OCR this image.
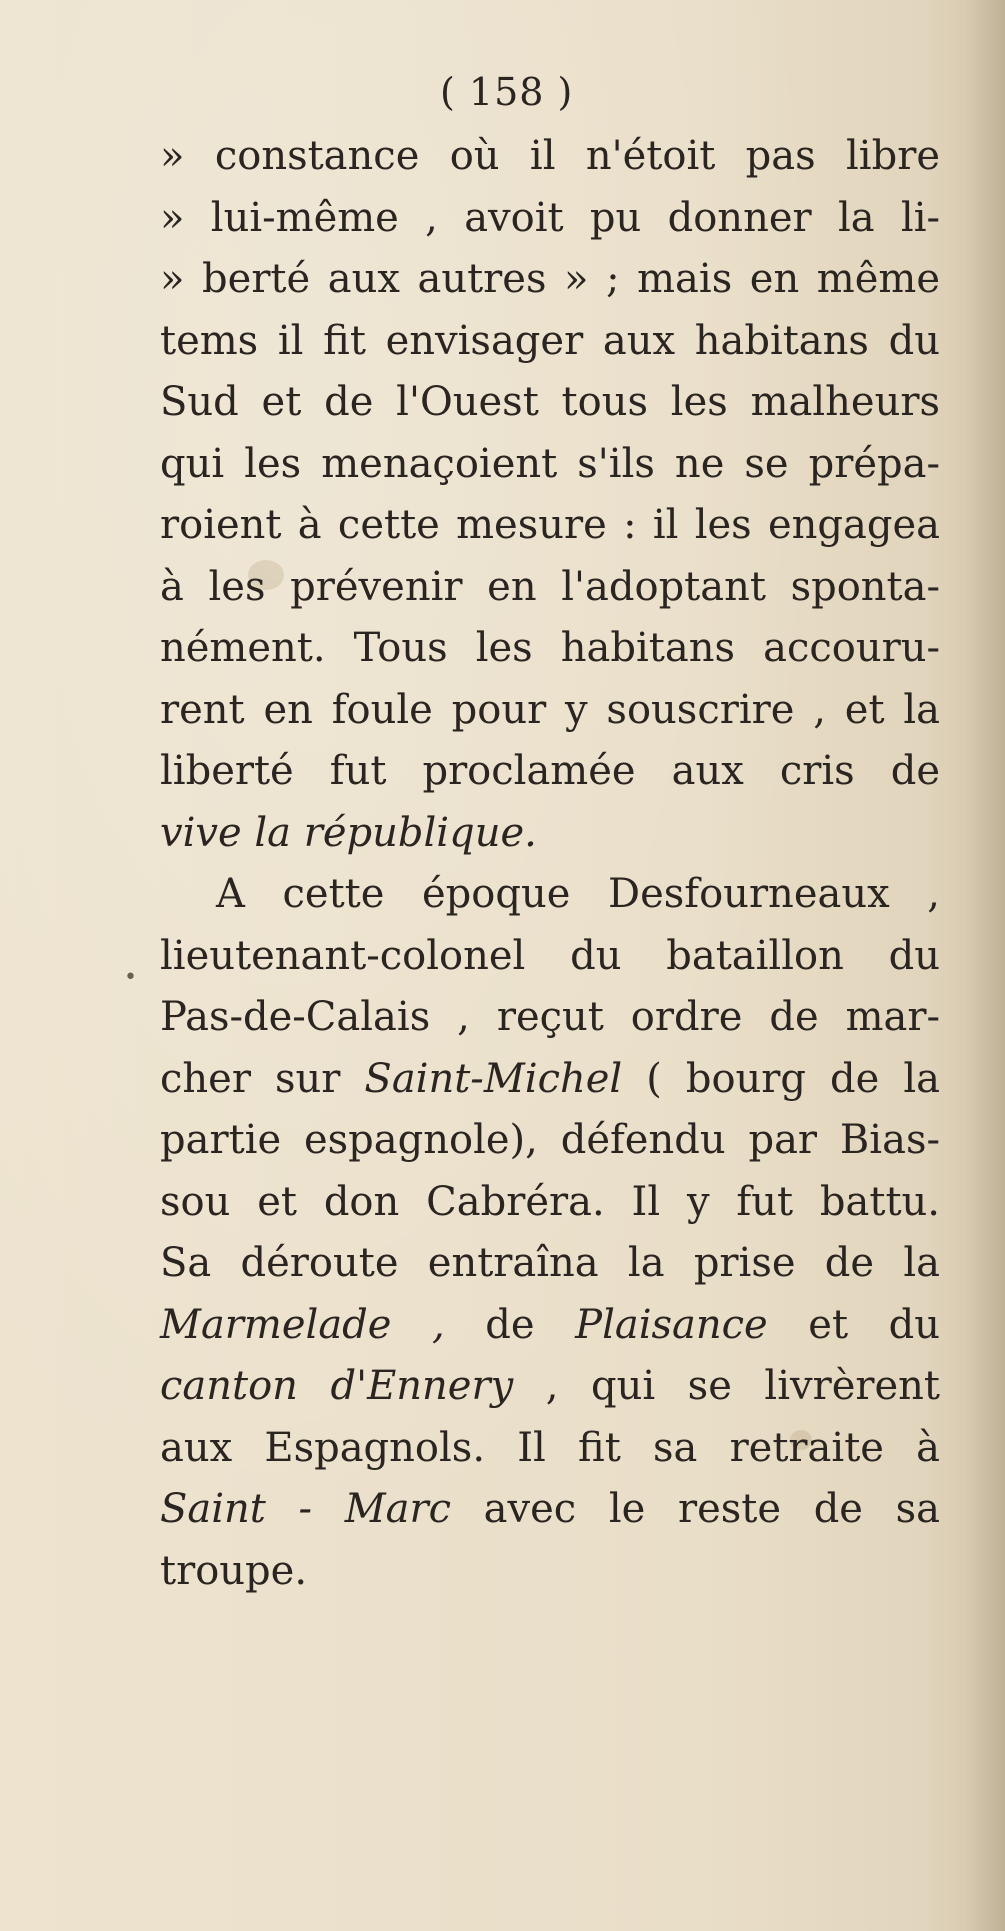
( 158 )
•
» constance où il n'étoit pas libre
» lui-même , avoit pu donner la li-
» berté aux autres » ; mais en même
tems il fit envisager aux habitans du
Sud et de l'Ouest tous les malheurs
qui les menaçoient s'ils ne se prépa-
roient à cette mesure : il les engagea
à les prévenir en l'adoptant sponta-
nément. Tous les habitans accouru-
rent en foule pour y souscrire , et la
liberté fut proclamée aux cris de
vive la république.
A cette époque Desfourneaux ,
lieutenant-colonel du bataillon du
Pas-de-Calais , reçut ordre de mar-
cher sur Saint-Michel ( bourg de la
partie espagnole), défendu par Bias-
sou et don Cabréra. Il y fut battu.
Sa déroute entraîna la prise de la
Marmelade , de Plaisance et du
canton d'Ennery , qui se livrèrent
aux Espagnols. Il fit sa retraite à
Saint - Marc avec le reste de sa
troupe.
